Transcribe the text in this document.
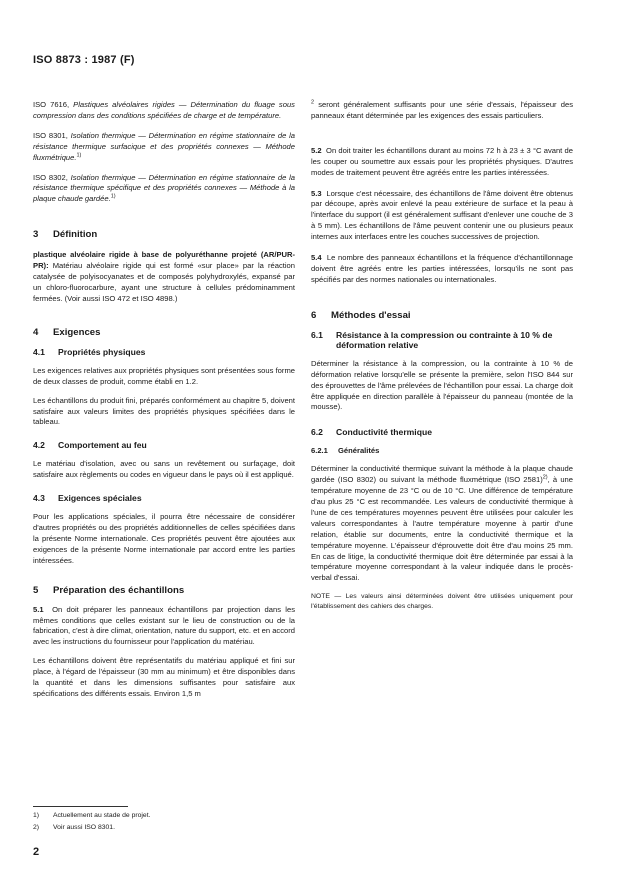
ISO 8873 : 1987 (F)

ISO 7616, Plastiques alvéolaires rigides — Détermination du fluage sous compression dans des conditions spécifiées de charge et de température.

ISO 8301, Isolation thermique — Détermination en régime stationnaire de la résistance thermique surfacique et des propriétés connexes — Méthode fluxmétrique.$^{1)}$

ISO 8302, Isolation thermique — Détermination en régime stationnaire de la résistance thermique spécifique et des propriétés connexes — Méthode à la plaque chaude gardée.$^{1)}$

3	Définition

plastique alvéolaire rigide à base de polyuréthanne projeté (AR/PUR-PR): Matériau alvéolaire rigide qui est formé «sur place» par la réaction catalysée de polyisocyanates et de composés polyhydroxylés, expansé par un chloro-fluorocarbure, ayant une structure à cellules prédominamment fermées. (Voir aussi ISO 472 et ISO 4898.)

4	Exigences
4.1	Propriétés physiques

Les exigences relatives aux propriétés physiques sont présentées sous forme de deux classes de produit, comme établi en 1.2.

Les échantillons du produit fini, préparés conformément au chapitre 5, doivent satisfaire aux valeurs limites des propriétés physiques spécifiées dans le tableau.

4.2	Comportement au feu

Le matériau d'isolation, avec ou sans un revêtement ou surfaçage, doit satisfaire aux règlements ou codes en vigueur dans le pays où il est appliqué.

4.3	Exigences spéciales

Pour les applications spéciales, il pourra être nécessaire de considérer d'autres propriétés ou des propriétés additionnelles de celles spécifiées dans la présente Norme internationale. Ces propriétés peuvent être ajoutées aux exigences de la présente Norme internationale par accord entre les parties intéressées.

5	Préparation des échantillons

5.1 On doit préparer les panneaux échantillons par projection dans les mêmes conditions que celles existant sur le lieu de construction ou de la fabrication, c'est à dire climat, orientation, nature du support, etc. et en accord avec les instructions du fournisseur pour l'application du matériau.

Les échantillons doivent être représentatifs du matériau appliqué et fini sur place, à l'égard de l'épaisseur (30 mm au minimum) et être disponibles dans la quantité et dans les dimensions suffisantes pour satisfaire aux spécifications des différents essais. Environ 1,5 m

$^2$ seront généralement suffisants pour une série d'essais, l'épaisseur des panneaux étant déterminée par les exigences des essais particuliers.

5.2 On doit traiter les échantillons durant au moins 72 h à 23 ± 3 °C avant de les couper ou soumettre aux essais pour les propriétés physiques. D'autres modes de traitement peuvent être agréés entre les parties intéressées.

5.3 Lorsque c'est nécessaire, des échantillons de l'âme doivent être obtenus par découpe, après avoir enlevé la peau extérieure de surface et la peau à l'interface du support (il est généralement suffisant d'enlever une couche de 3 à 5 mm). Les échantillons de l'âme peuvent contenir une ou plusieurs peaux internes aux interfaces entre les couches successives de projection.

5.4 Le nombre des panneaux échantillons et la fréquence d'échantillonnage doivent être agréés entre les parties intéressées, lorsqu'ils ne sont pas spécifiés par des normes nationales ou internationales.

6	Méthodes d'essai
6.1	Résistance à la compression ou contrainte à 10 % de déformation relative

Déterminer la résistance à la compression, ou la contrainte à 10 % de déformation relative lorsqu'elle se présente la première, selon l'ISO 844 sur des éprouvettes de l'âme prélevées de l'échantillon pour essai. La charge doit être appliquée en direction parallèle à l'épaisseur du panneau (montée de la mousse).

6.2	Conductivité thermique
6.2.1	Généralités

Déterminer la conductivité thermique suivant la méthode à la plaque chaude gardée (ISO 8302) ou suivant la méthode fluxmétrique (ISO 2581)$^{2)}$, à une température moyenne de 23 °C ou de 10 °C. Une différence de température d'au plus 25 °C est recommandée. Les valeurs de conductivité thermique à l'une de ces températures moyennes peuvent être utilisées pour calculer les valeurs correspondantes à l'autre température moyenne à partir d'une relation, établie sur documents, entre la conductivité thermique et la température moyenne. L'épaisseur d'éprouvette doit être d'au moins 25 mm. En cas de litige, la conductivité thermique doit être déterminée par essai à la température moyenne correspondant à la valeur indiquée dans le procès-verbal d'essai.

NOTE — Les valeurs ainsi déterminées doivent être utilisées uniquement pour l'établissement des cahiers des charges.

1)	Actuellement au stade de projet.
2)	Voir aussi ISO 8301.
2
